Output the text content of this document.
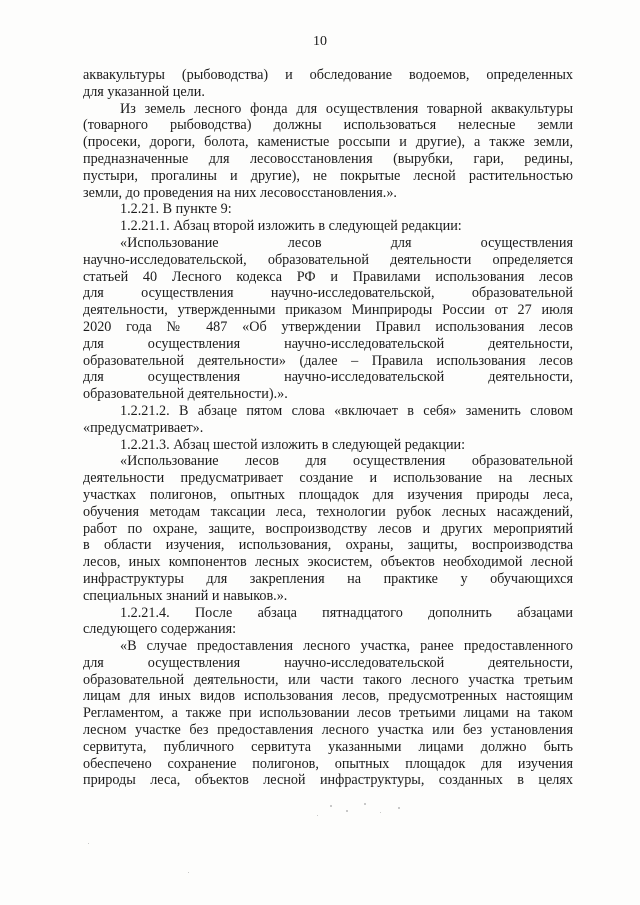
10
аквакультуры (рыбоводства) и обследование водоемов, определенных
для указанной цели.
Из земель лесного фонда для осуществления товарной аквакультуры
(товарного рыбоводства) должны использоваться нелесные земли
(просеки, дороги, болота, каменистые россыпи и другие), а также земли,
предназначенные для лесовосстановления (вырубки, гари, редины,
пустыри, прогалины и другие), не покрытые лесной растительностью
земли, до проведения на них лесовосстановления.».
1.2.21. В пункте 9:
1.2.21.1. Абзац второй изложить в следующей редакции:
«Использование лесов для осуществления
научно-исследовательской, образовательной деятельности определяется
статьей 40 Лесного кодекса РФ и Правилами использования лесов
для осуществления научно-исследовательской, образовательной
деятельности, утвержденными приказом Минприроды России от 27 июля
2020 года № 487 «Об утверждении Правил использования лесов
для осуществления научно-исследовательской деятельности,
образовательной деятельности» (далее – Правила использования лесов
для осуществления научно-исследовательской деятельности,
образовательной деятельности).».
1.2.21.2. В абзаце пятом слова «включает в себя» заменить словом
«предусматривает».
1.2.21.3. Абзац шестой изложить в следующей редакции:
«Использование лесов для осуществления образовательной
деятельности предусматривает создание и использование на лесных
участках полигонов, опытных площадок для изучения природы леса,
обучения методам таксации леса, технологии рубок лесных насаждений,
работ по охране, защите, воспроизводству лесов и других мероприятий
в области изучения, использования, охраны, защиты, воспроизводства
лесов, иных компонентов лесных экосистем, объектов необходимой лесной
инфраструктуры для закрепления на практике у обучающихся
специальных знаний и навыков.».
1.2.21.4. После абзаца пятнадцатого дополнить абзацами
следующего содержания:
«В случае предоставления лесного участка, ранее предоставленного
для осуществления научно-исследовательской деятельности,
образовательной деятельности, или части такого лесного участка третьим
лицам для иных видов использования лесов, предусмотренных настоящим
Регламентом, а также при использовании лесов третьими лицами на таком
лесном участке без предоставления лесного участка или без установления
сервитута, публичного сервитута указанными лицами должно быть
обеспечено сохранение полигонов, опытных площадок для изучения
природы леса, объектов лесной инфраструктуры, созданных в целях
